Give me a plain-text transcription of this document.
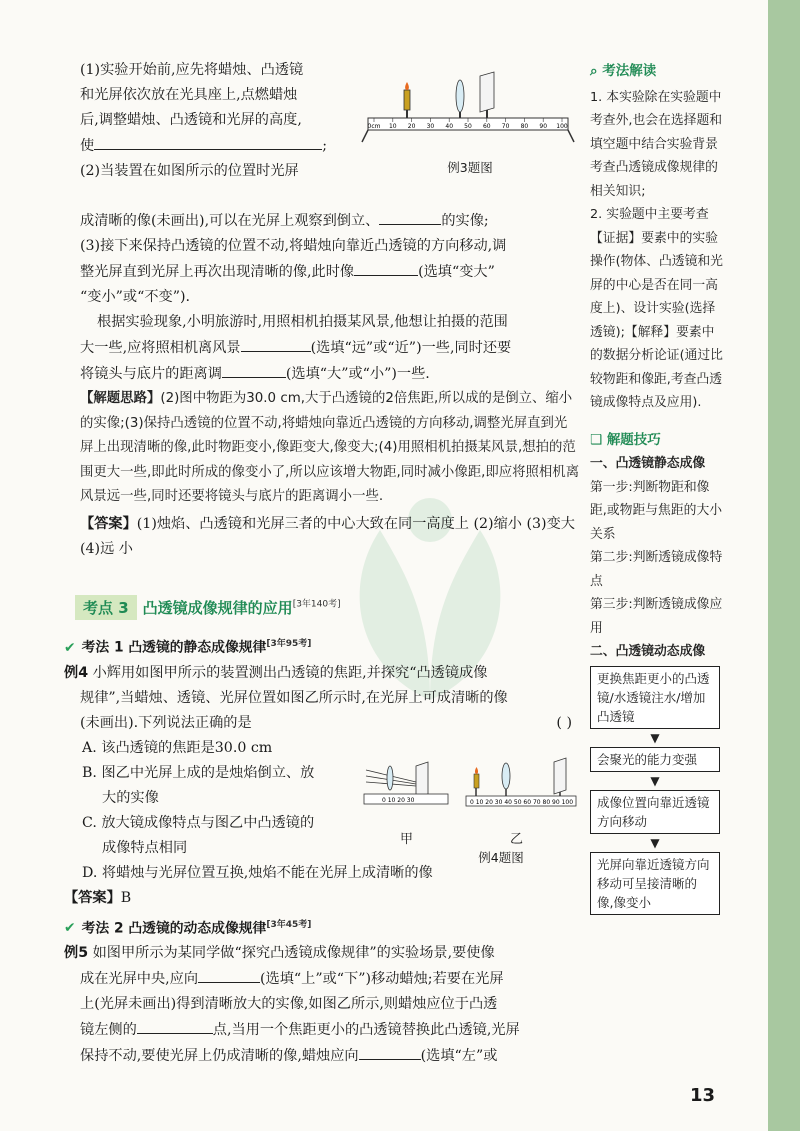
(1)实验开始前,应先将蜡烛、凸透镜

和光屏依次放在光具座上,点燃蜡烛

后,调整蜡烛、凸透镜和光屏的高度,

使	;

(2)当装置在如图所示的位置时光屏

0cm 10 20 30 40 50 60 70 80 90 100
例3题图

成清晰的像(未画出),可以在光屏上观察到倒立、	的实像;

(3)接下来保持凸透镜的位置不动,将蜡烛向靠近凸透镜的方向移动,调

整光屏直到光屏上再次出现清晰的像,此时像	(选填“变大”

“变小”或“不变”).

根据实验现象,小明旅游时,用照相机拍摄某风景,他想让拍摄的范围

大一些,应将照相机离风景	(选填“远”或“近”)一些,同时还要

将镜头与底片的距离调	(选填“大”或“小”)一些.

【解题思路】(2)图中物距为30.0 cm,大于凸透镜的2倍焦距,所以成的是倒立、缩小的实像;(3)保持凸透镜的位置不动,将蜡烛向靠近凸透镜的方向移动,调整光屏直到光屏上出现清晰的像,此时物距变小,像距变大,像变大;(4)用照相机拍摄某风景,想拍的范围更大一些,即此时所成的像变小了,所以应该增大物距,同时减小像距,即应将照相机离风景远一些,同时还要将镜头与底片的距离调小一些.

【答案】(1)烛焰、凸透镜和光屏三者的中心大致在同一高度上 (2)缩小 (3)变大 (4)远 小

考点 3 凸透镜成像规律的应用[3年140考]

✔ 考法 1 凸透镜的静态成像规律[3年95考]

例4 小辉用如图甲所示的装置测出凸透镜的焦距,并探究“凸透镜成像

规律”,当蜡烛、透镜、光屏位置如图乙所示时,在光屏上可成清晰的像

(未画出).下列说法正确的是	( )

A. 该凸透镜的焦距是30.0 cm

B. 图乙中光屏上成的是烛焰倒立、放

大的实像

C. 放大镜成像特点与图乙中凸透镜的

成像特点相同

D. 将蜡烛与光屏位置互换,烛焰不能在光屏上成清晰的像

0 10 20 30	0 10 20 30 40 50 60 70 80 90 100
甲	乙
例4题图

【答案】B

✔ 考法 2 凸透镜的动态成像规律[3年45考]

例5 如图甲所示为某同学做“探究凸透镜成像规律”的实验场景,要使像

成在光屏中央,应向	(选填“上”或“下”)移动蜡烛;若要在光屏

上(光屏未画出)得到清晰放大的实像,如图乙所示,则蜡烛应位于凸透

镜左侧的	点,当用一个焦距更小的凸透镜替换此凸透镜,光屏

保持不动,要使光屏上仍成清晰的像,蜡烛应向	(选填“左”或

⌕ 考法解读
1. 本实验除在实验题中考查外,也会在选择题和填空题中结合实验背景考查凸透镜成像规律的相关知识;
2. 实验题中主要考查【证据】要素中的实验操作(物体、凸透镜和光屏的中心是否在同一高度上)、设计实验(选择透镜);【解释】要素中的数据分析论证(通过比较物距和像距,考查凸透镜成像特点及应用).
❑ 解题技巧
一、凸透镜静态成像
第一步:判断物距和像距,或物距与焦距的大小关系
第二步:判断透镜成像特点
第三步:判断透镜成像应用
二、凸透镜动态成像
更换焦距更小的凸透镜/水透镜注水/增加凸透镜
▼
会聚光的能力变强
▼
成像位置向靠近透镜方向移动
▼
光屏向靠近透镜方向移动可呈接清晰的像,像变小
13
